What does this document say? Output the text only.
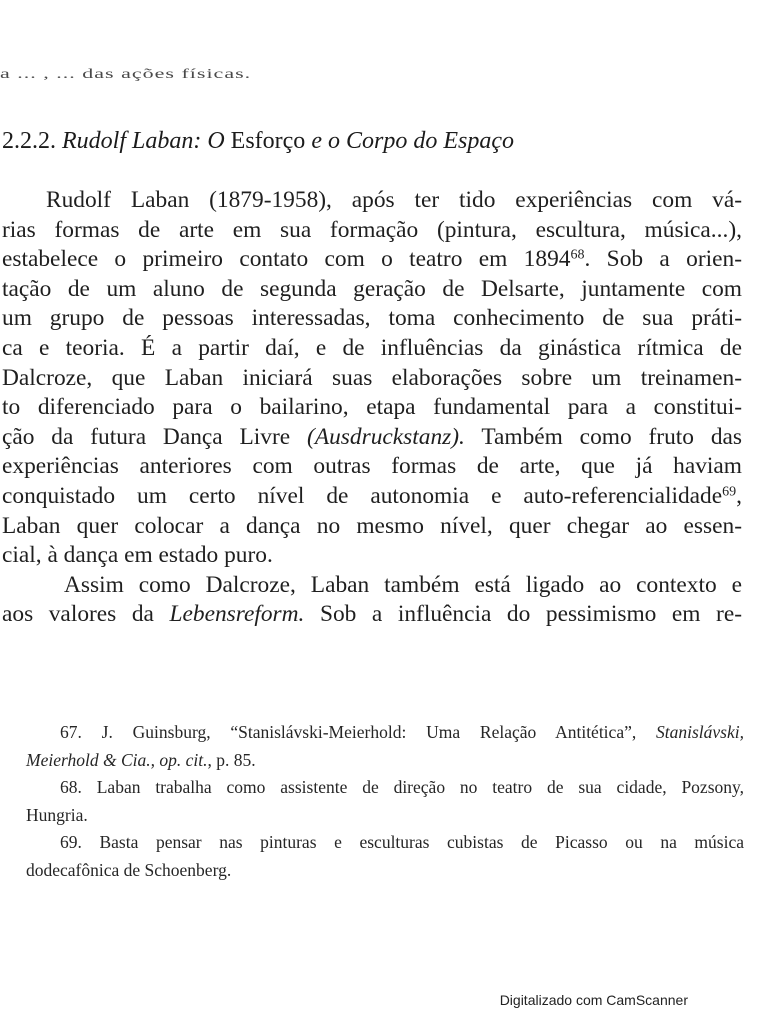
a ... , ... das ações físicas.
2.2.2. Rudolf Laban: O Esforço e o Corpo do Espaço
Rudolf Laban (1879-1958), após ter tido experiências com vá-
rias formas de arte em sua formação (pintura, escultura, música...),
estabelece o primeiro contato com o teatro em 1894$^{68}$. Sob a orien-
tação de um aluno de segunda geração de Delsarte, juntamente com
um grupo de pessoas interessadas, toma conhecimento de sua práti-
ca e teoria. É a partir daí, e de influências da ginástica rítmica de
Dalcroze, que Laban iniciará suas elaborações sobre um treinamen-
to diferenciado para o bailarino, etapa fundamental para a constitui-
ção da futura Dança Livre (Ausdruckstanz). Também como fruto das
experiências anteriores com outras formas de arte, que já haviam
conquistado um certo nível de autonomia e auto-referencialidade$^{69}$,
Laban quer colocar a dança no mesmo nível, quer chegar ao essen-
cial, à dança em estado puro.
Assim como Dalcroze, Laban também está ligado ao contexto e
aos valores da Lebensreform. Sob a influência do pessimismo em re-
67. J. Guinsburg, “Stanislávski-Meierhold: Uma Relação Antitética”, Stanislávski,
Meierhold & Cia., op. cit., p. 85.
68. Laban trabalha como assistente de direção no teatro de sua cidade, Pozsony,
Hungria.
69. Basta pensar nas pinturas e esculturas cubistas de Picasso ou na música
dodecafônica de Schoenberg.
Digitalizado com CamScanner
